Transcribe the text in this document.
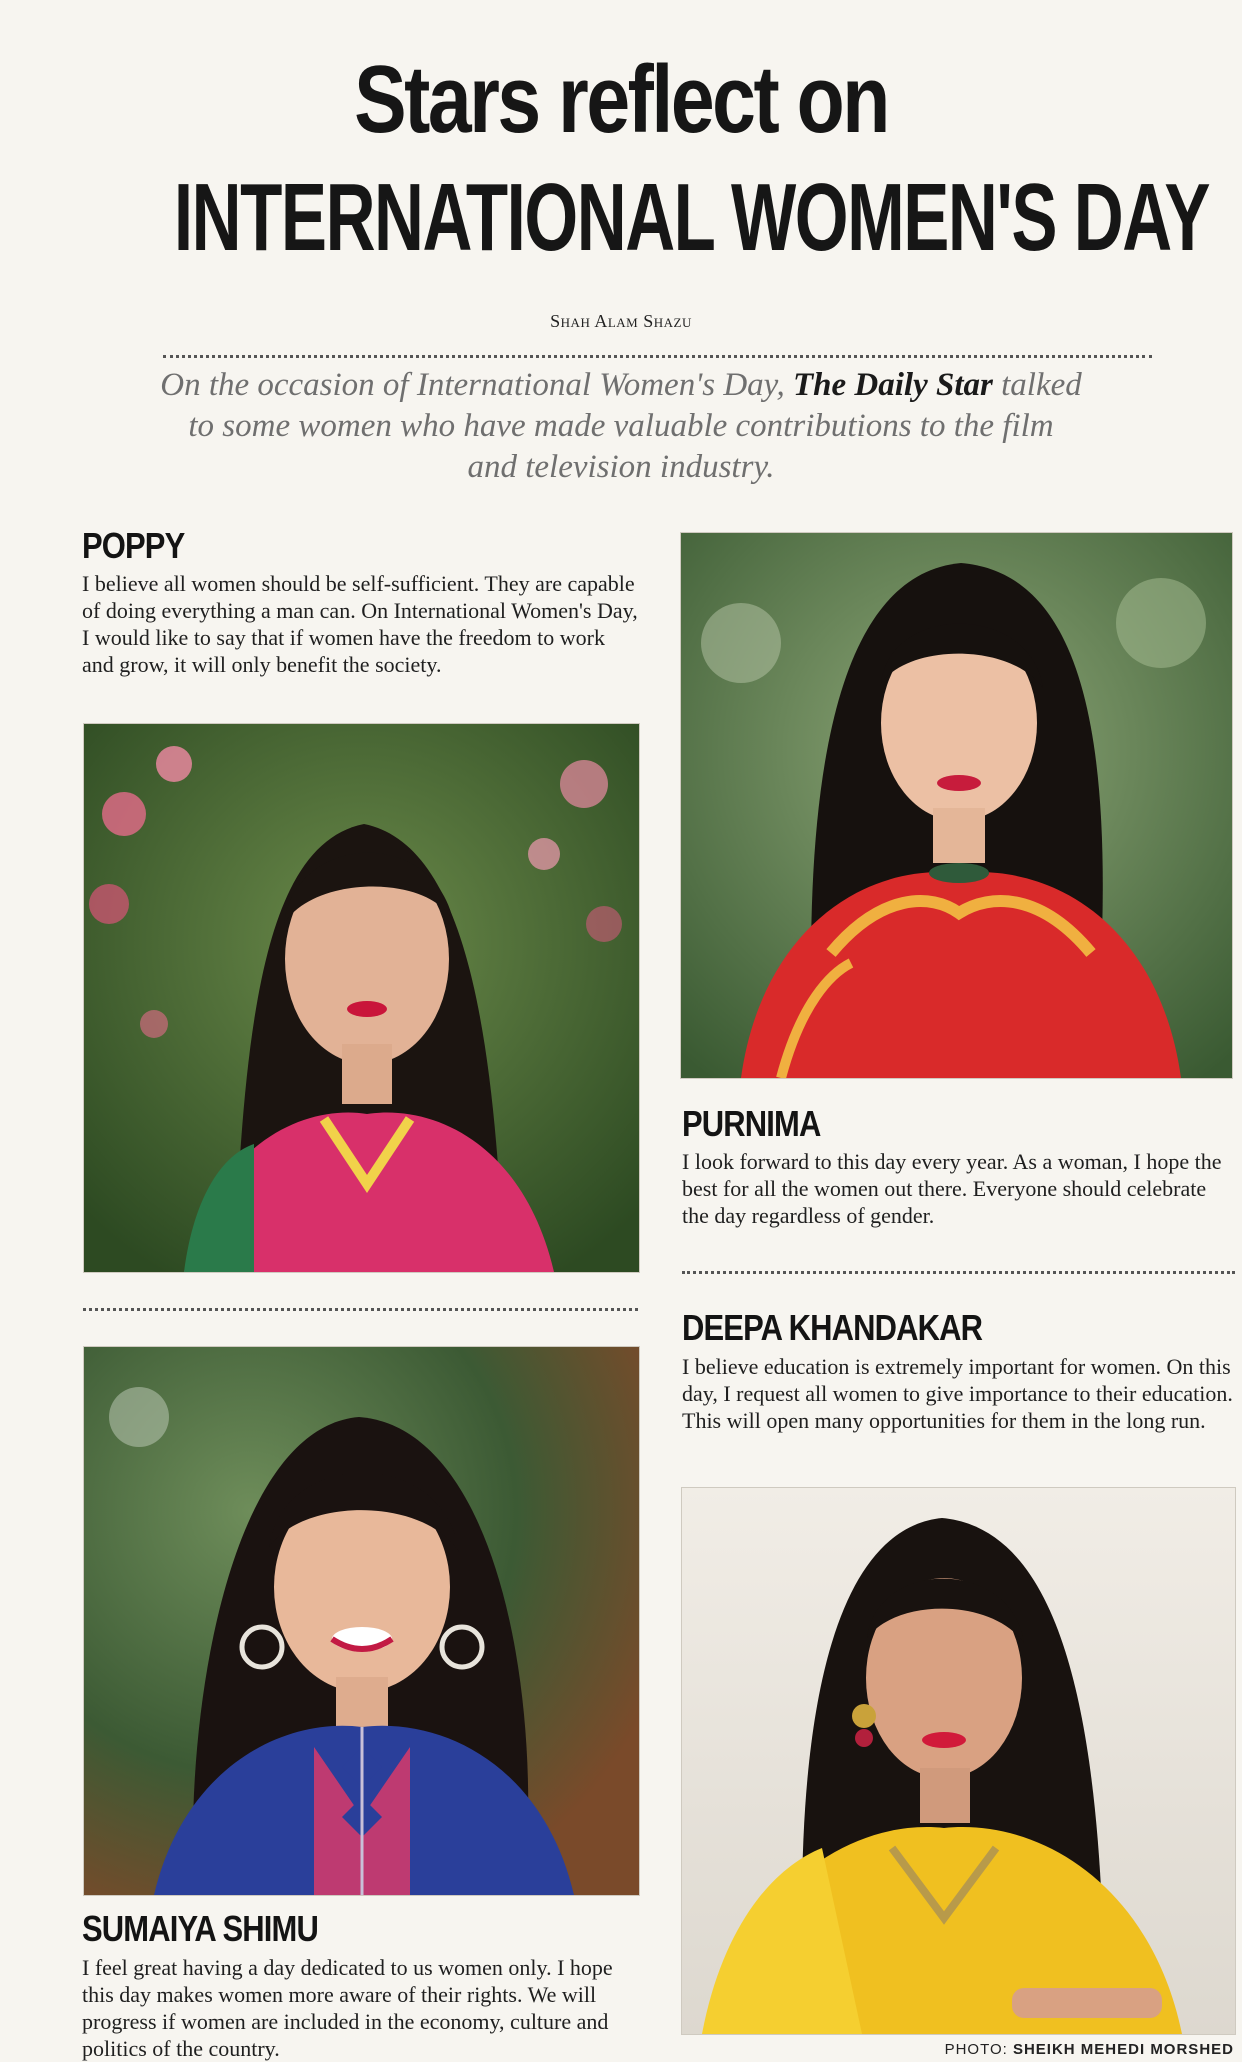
Stars reflect on
INTERNATIONAL WOMEN'S DAY
Shah Alam Shazu
On the occasion of International Women's Day, The Daily Star talked to some women who have made valuable contributions to the film and television industry.
POPPY
I believe all women should be self-sufficient. They are capable of doing everything a man can. On International Women's Day, I would like to say that if women have the freedom to work and grow, it will only benefit the society.
SUMAIYA SHIMU
I feel great having a day dedicated to us women only. I hope this day makes women more aware of their rights. We will progress if women are included in the economy, culture and politics of the country.
PURNIMA
I look forward to this day every year. As a woman, I hope the best for all the women out there. Everyone should celebrate the day regardless of gender.
DEEPA KHANDAKAR
I believe education is extremely important for women. On this day, I request all women to give importance to their education. This will open many opportunities for them in the long run.
PHOTO: SHEIKH MEHEDI MORSHED
